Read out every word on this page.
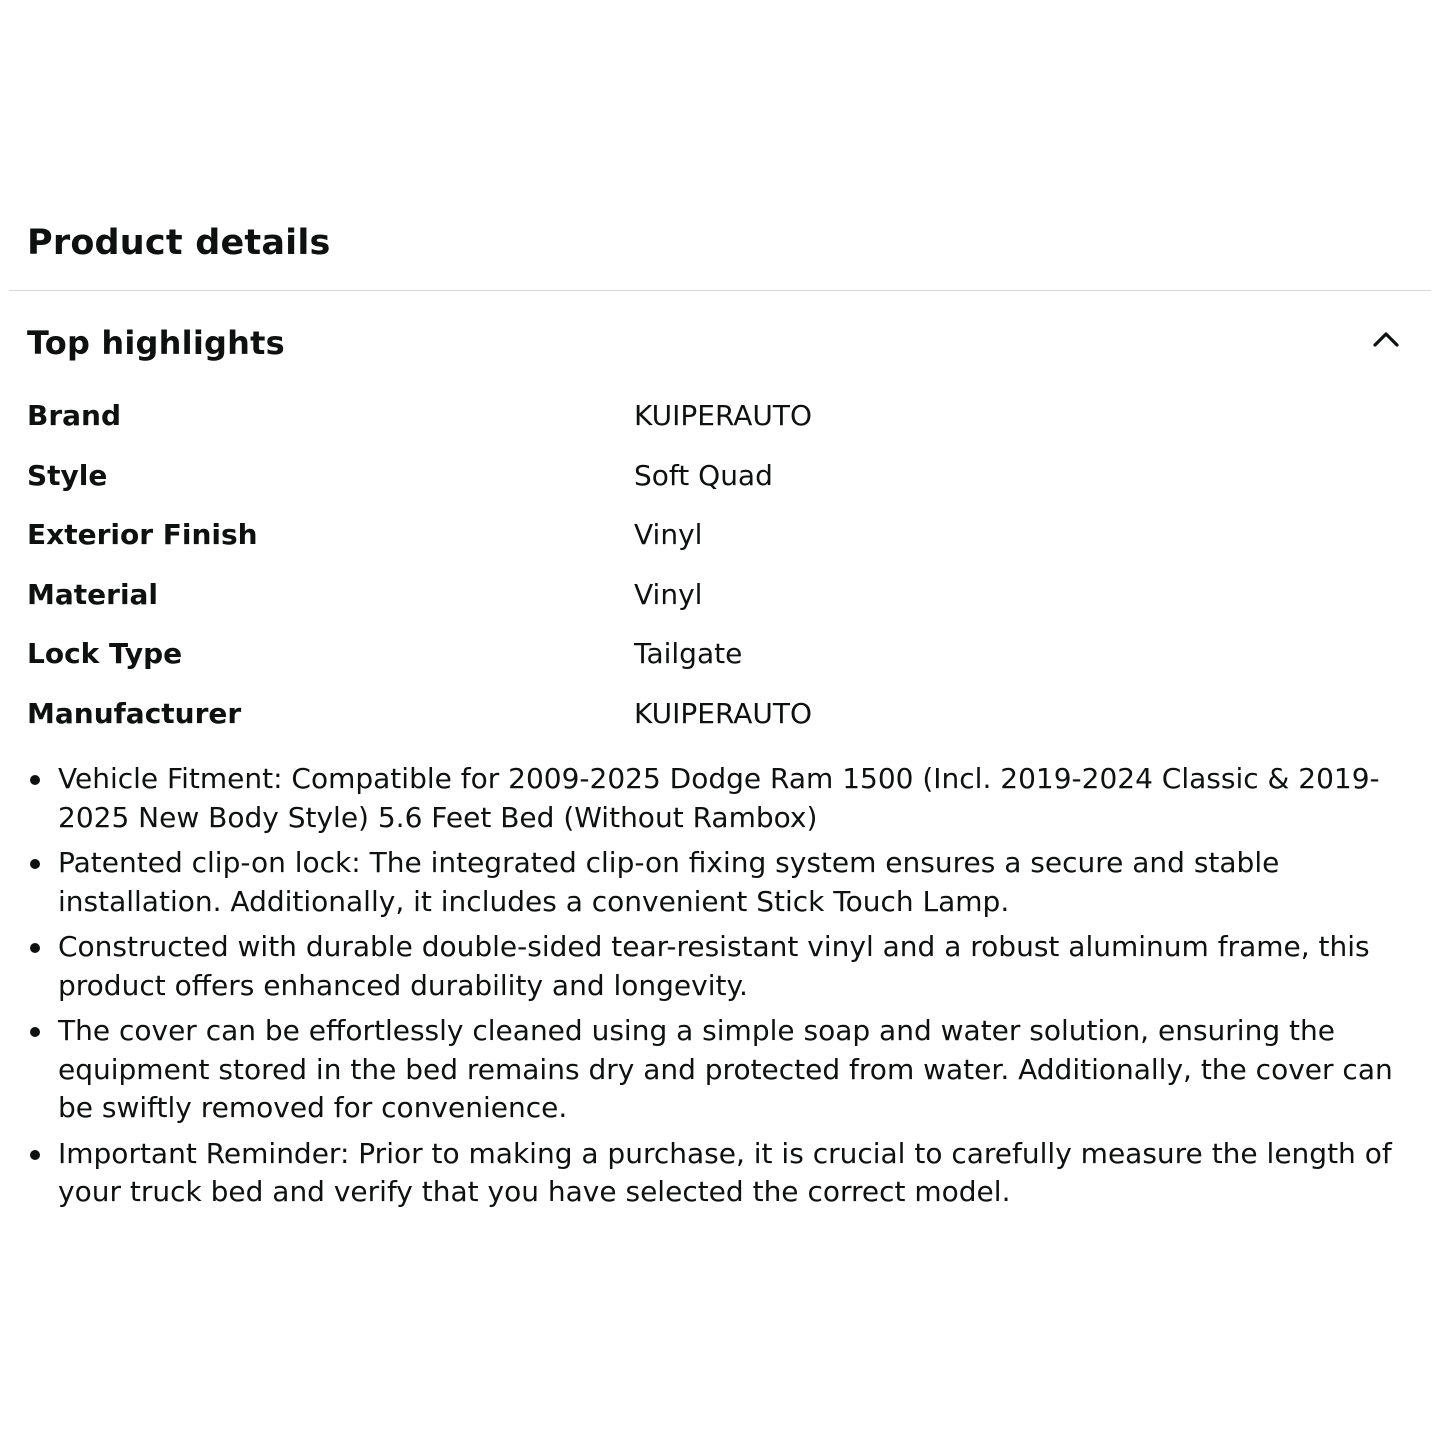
Product details
Top highlights
Brand	KUIPERAUTO
Style	Soft Quad
Exterior Finish	Vinyl
Material	Vinyl
Lock Type	Tailgate
Manufacturer	KUIPERAUTO
Vehicle Fitment: Compatible for 2009-2025 Dodge Ram 1500 (Incl. 2019-2024 Classic & 2019-2025 New Body Style) 5.6 Feet Bed (Without Rambox)
Patented clip-on lock: The integrated clip-on fixing system ensures a secure and stable installation. Additionally, it includes a convenient Stick Touch Lamp.
Constructed with durable double-sided tear-resistant vinyl and a robust aluminum frame, this product offers enhanced durability and longevity.
The cover can be effortlessly cleaned using a simple soap and water solution, ensuring the equipment stored in the bed remains dry and protected from water. Additionally, the cover can be swiftly removed for convenience.
Important Reminder: Prior to making a purchase, it is crucial to carefully measure the length of your truck bed and verify that you have selected the correct model.
